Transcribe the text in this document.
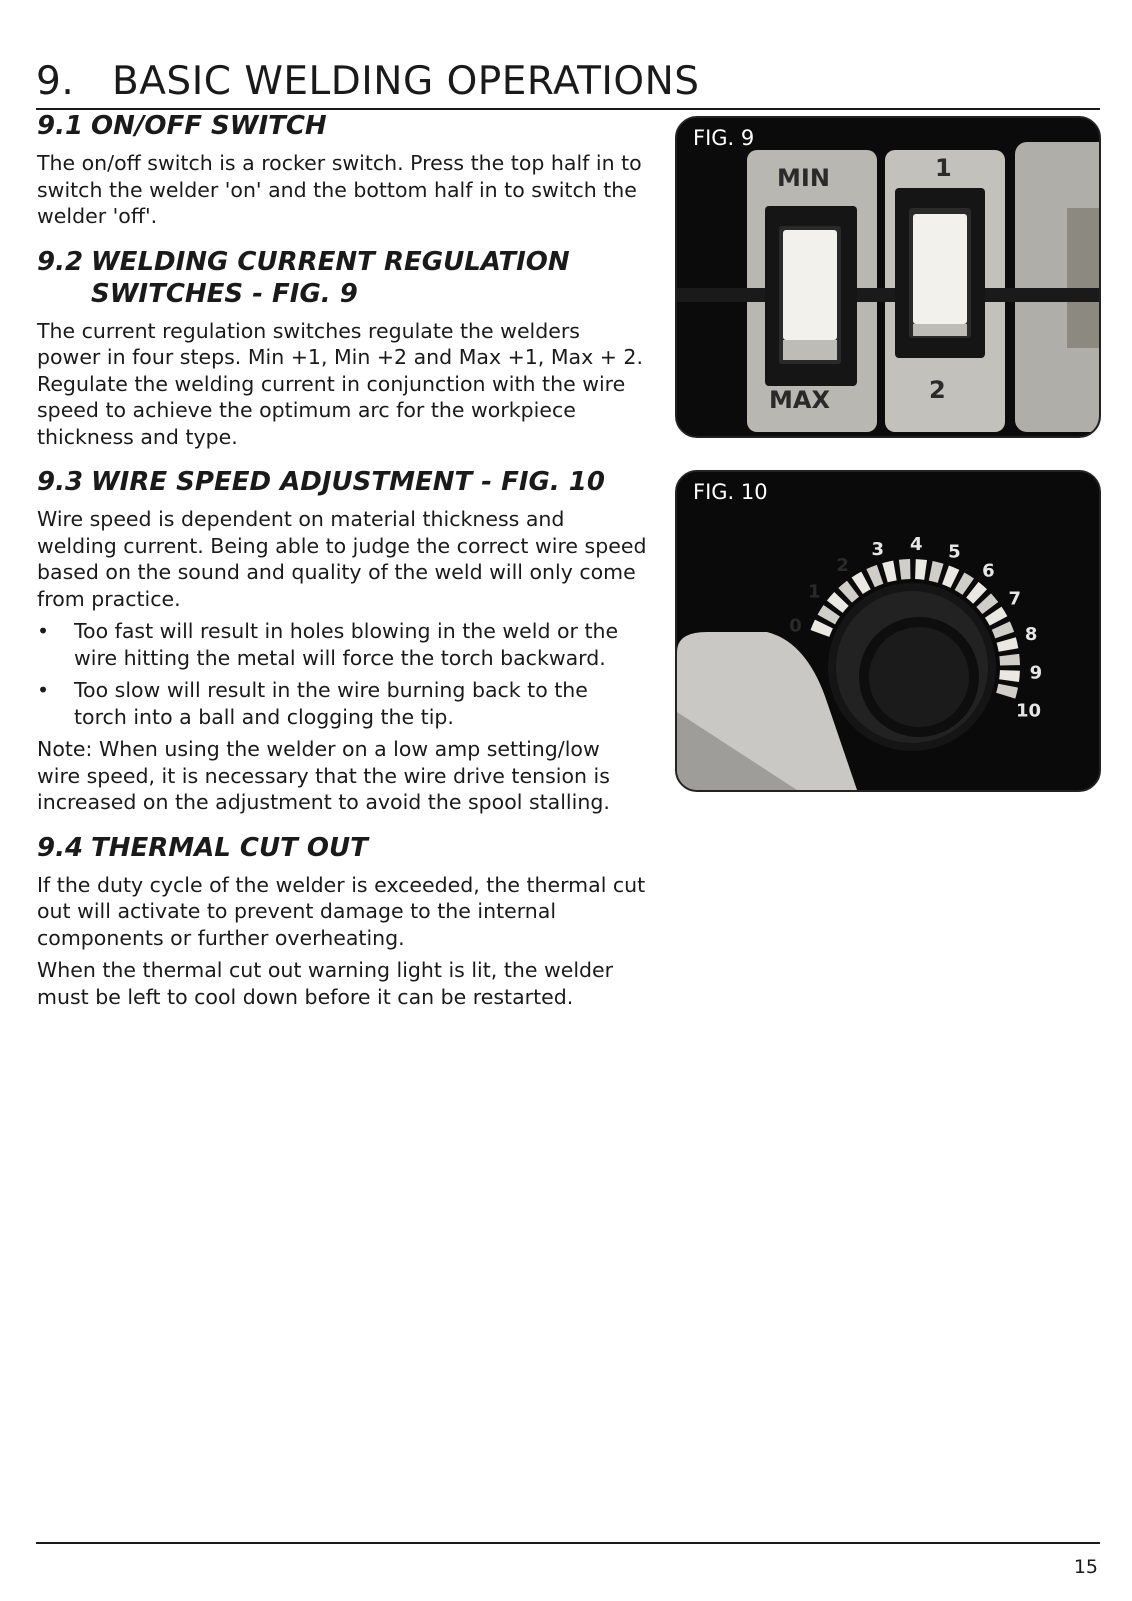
9. BASIC WELDING OPERATIONS
9.1 ON/OFF SWITCH

The on/off switch is a rocker switch. Press the top half in to switch the welder 'on' and the bottom half in to switch the welder 'off'.

9.2 WELDING CURRENT REGULATION
SWITCHES - FIG. 9

The current regulation switches regulate the welders power in four steps. Min +1, Min +2 and Max +1, Max + 2. Regulate the welding current in conjunction with the wire speed to achieve the optimum arc for the workpiece thickness and type.

9.3 WIRE SPEED ADJUSTMENT - FIG. 10

Wire speed is dependent on material thickness and welding current. Being able to judge the correct wire speed based on the sound and quality of the weld will only come from practice.

•	Too fast will result in holes blowing in the weld or the wire hitting the metal will force the torch backward.
•	Too slow will result in the wire burning back to the torch into a ball and clogging the tip.

Note: When using the welder on a low amp setting/low wire speed, it is necessary that the wire drive tension is increased on the adjustment to avoid the spool stalling.

9.4 THERMAL CUT OUT

If the duty cycle of the welder is exceeded, the thermal cut out will activate to prevent damage to the internal components or further overheating.

When the thermal cut out warning light is lit, the welder must be left to cool down before it can be restarted.

FIG. 9
MIN
MAX
1
2
FIG. 10
0
1
2
3 4 5
6
7
8
9
10
15
